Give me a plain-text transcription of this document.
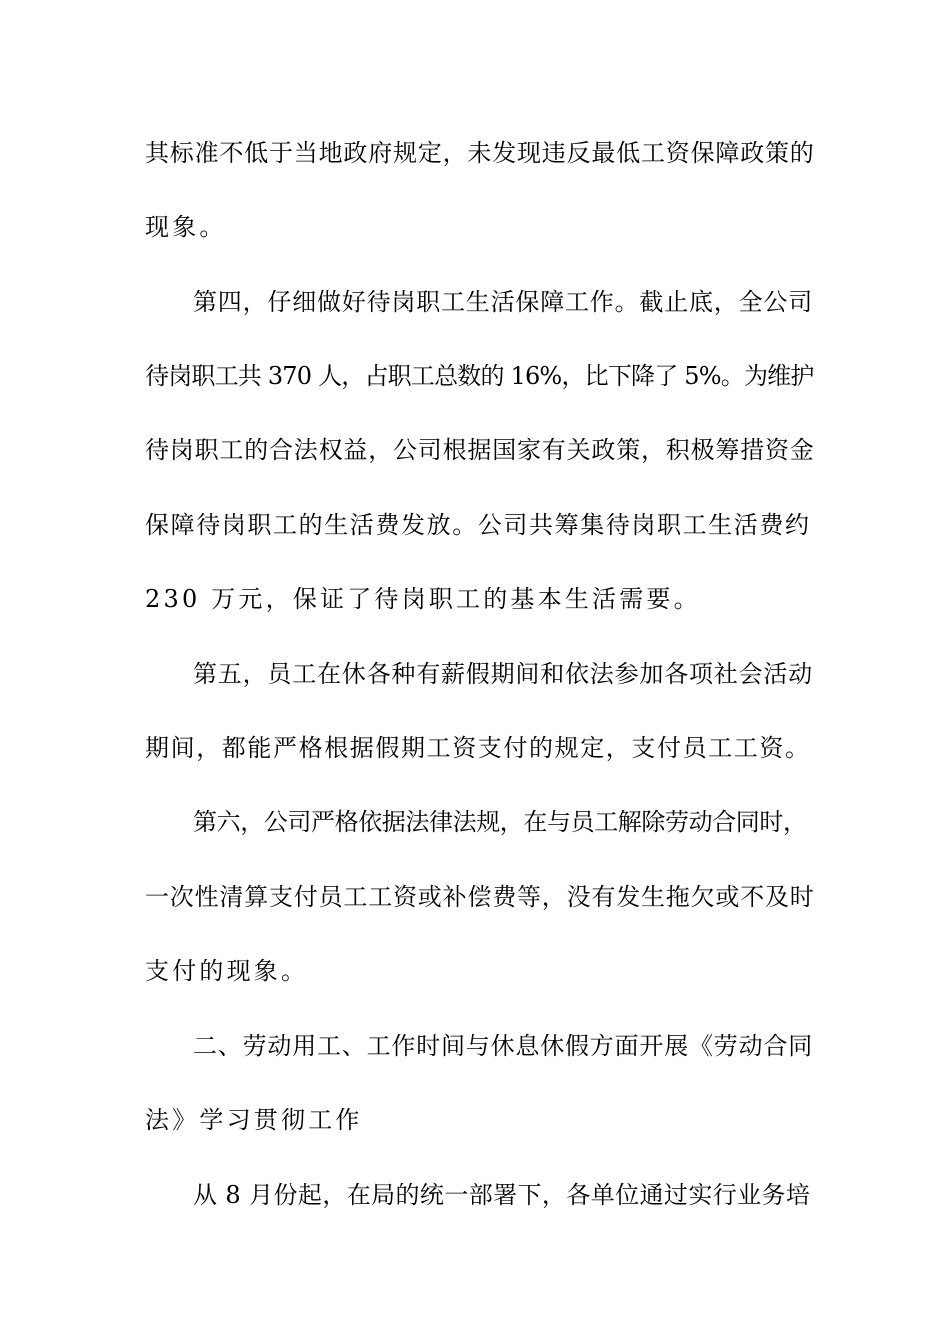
其标准不低于当地政府规定，未发现违反最低工资保障政策的
现象。
第四，仔细做好待岗职工生活保障工作。截止底，全公司
待岗职工共 370 人，占职工总数的 16%，比下降了 5%。为维护
待岗职工的合法权益，公司根据国家有关政策，积极筹措资金
保障待岗职工的生活费发放。公司共筹集待岗职工生活费约
230 万元，保证了待岗职工的基本生活需要。
第五，员工在休各种有薪假期间和依法参加各项社会活动
期间，都能严格根据假期工资支付的规定，支付员工工资。
第六，公司严格依据法律法规，在与员工解除劳动合同时，
一次性清算支付员工工资或补偿费等，没有发生拖欠或不及时
支付的现象。
二、劳动用工、工作时间与休息休假方面开展《劳动合同
法》学习贯彻工作
从 8 月份起，在局的统一部署下，各单位通过实行业务培
